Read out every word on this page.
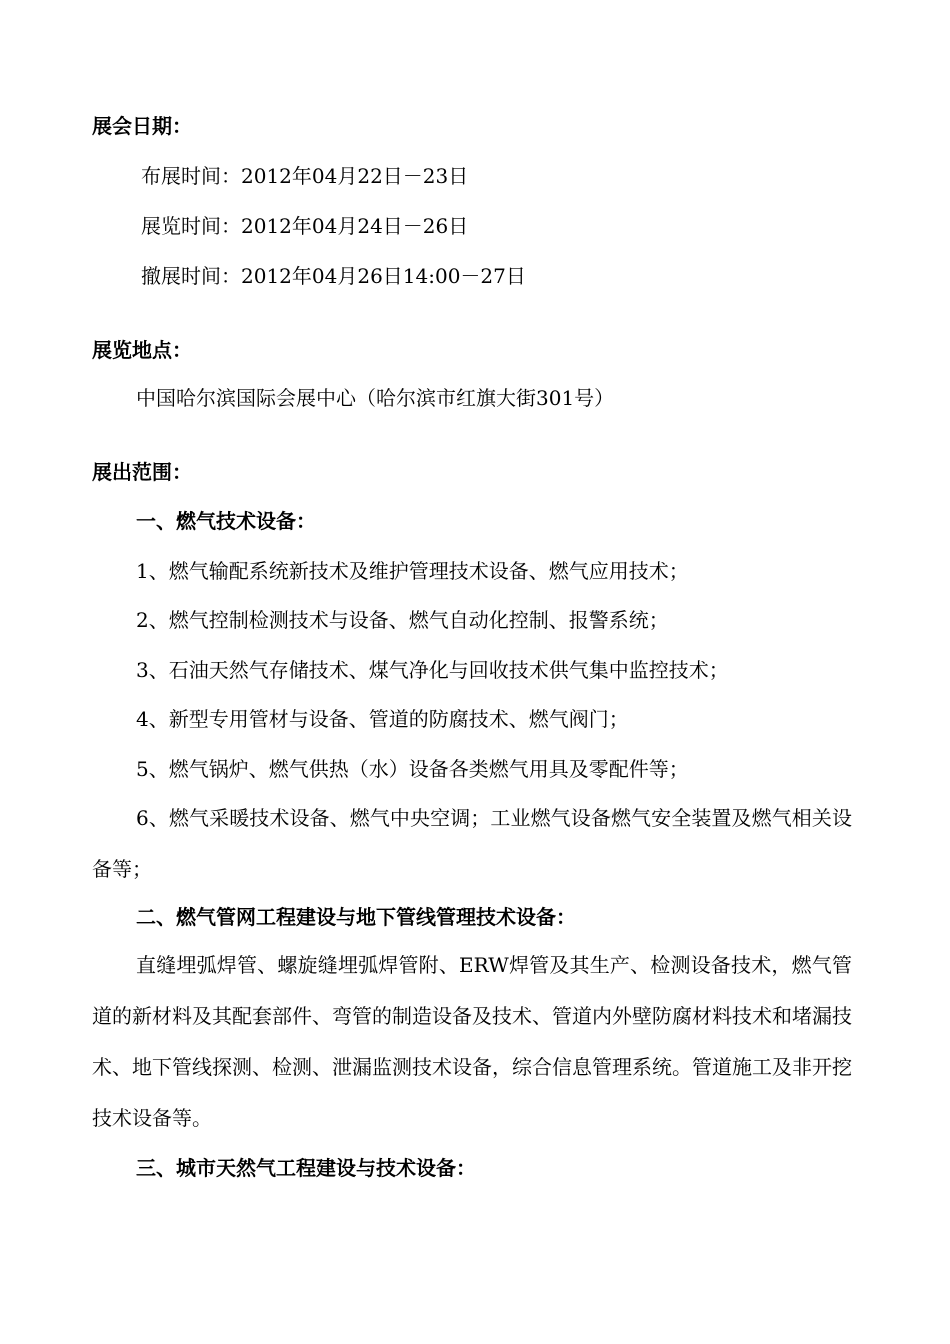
展会日期：
布展时间：2012年04月22日－23日
展览时间：2012年04月24日－26日
撤展时间：2012年04月26日14:00－27日
展览地点：
中国哈尔滨国际会展中心（哈尔滨市红旗大街301号）
展出范围：
一、燃气技术设备：
1、燃气输配系统新技术及维护管理技术设备、燃气应用技术；
2、燃气控制检测技术与设备、燃气自动化控制、报警系统；
3、石油天然气存储技术、煤气净化与回收技术供气集中监控技术；
4、新型专用管材与设备、管道的防腐技术、燃气阀门；
5、燃气锅炉、燃气供热（水）设备各类燃气用具及零配件等；
6、燃气采暖技术设备、燃气中央空调；工业燃气设备燃气安全装置及燃气相关设备等；
二、燃气管网工程建设与地下管线管理技术设备：
直缝埋弧焊管、螺旋缝埋弧焊管附、ERW焊管及其生产、检测设备技术，燃气管道的新材料及其配套部件、弯管的制造设备及技术、管道内外壁防腐材料技术和堵漏技术、地下管线探测、检测、泄漏监测技术设备，综合信息管理系统。管道施工及非开挖技术设备等。
三、城市天然气工程建设与技术设备：
